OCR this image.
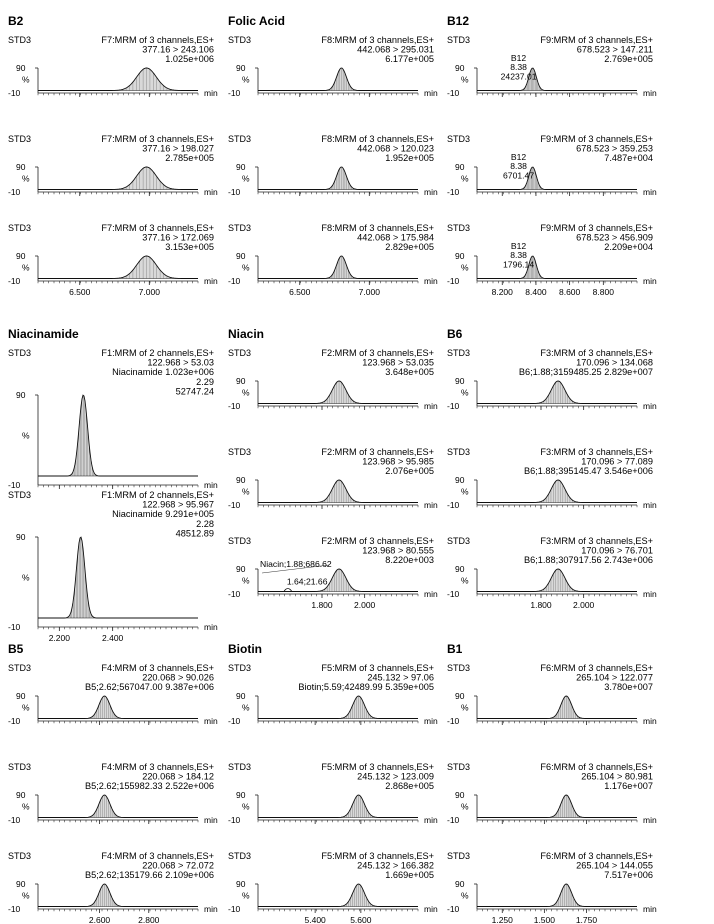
B2
STD3	F7:MRM of 3 channels,ES+
377.16 > 243.106
1.025e+006
90
%
-10	min
STD3	F7:MRM of 3 channels,ES+
377.16 > 198.027
2.785e+005
90
%
-10	min
STD3	F7:MRM of 3 channels,ES+
377.16 > 172.069
3.153e+005
90
%
-10	min
6.500	7.000
Folic Acid
STD3	F8:MRM of 3 channels,ES+
442.068 > 295.031
6.177e+005
90
%
-10	min
STD3	F8:MRM of 3 channels,ES+
442.068 > 120.023
1.952e+005
90
%
-10	min
STD3	F8:MRM of 3 channels,ES+
442.068 > 175.984
2.829e+005
90
%
-10	min
6.500	7.000
B12
STD3	F9:MRM of 3 channels,ES+
678.523 > 147.211
2.769e+005
90
%
-10	min
B12
8.38
24237.01
STD3	F9:MRM of 3 channels,ES+
678.523 > 359.253
7.487e+004
90
%
-10	min
B12
8.38
6701.47
STD3	F9:MRM of 3 channels,ES+
678.523 > 456.909
2.209e+004
90
%
-10	min
B12
8.38
1796.14
8.200 8.400 8.600 8.800
Niacinamide
STD3	F1:MRM of 2 channels,ES+
122.968 > 53.03
Niacinamide 1.023e+006
2.29
52747.24
90
%
-10	min
STD3	F1:MRM of 2 channels,ES+
122.968 > 95.967
Niacinamide 9.291e+005
2.28
48512.89
90
%
-10	min
2.200	2.400
Niacin
STD3	F2:MRM of 3 channels,ES+
123.968 > 53.035
3.648e+005
90
%
-10	min
STD3	F2:MRM of 3 channels,ES+
123.968 > 95.985
2.076e+005
90
%
-10	min
STD3	F2:MRM of 3 channels,ES+
123.968 > 80.555
8.220e+003
90
%
-10	min
1.64;21.66
Niacin;1.88;686.62
1.800	2.000
B6
STD3	F3:MRM of 3 channels,ES+
170.096 > 134.068
B6;1.88;3159485.25 2.829e+007
90
%
-10	min
STD3	F3:MRM of 3 channels,ES+
170.096 > 77.089
B6;1.88;395145.47 3.546e+006
90
%
-10	min
STD3	F3:MRM of 3 channels,ES+
170.096 > 76.701
B6;1.88;307917.56 2.743e+006
90
%
-10	min
1.800	2.000
B5
STD3	F4:MRM of 3 channels,ES+
220.068 > 90.026
B5;2.62;567047.00 9.387e+006
90
%
-10	min
STD3	F4:MRM of 3 channels,ES+
220.068 > 184.12
B5;2.62;155982.33 2.522e+006
90
%
-10	min
STD3	F4:MRM of 3 channels,ES+
220.068 > 72.072
B5;2.62;135179.66 2.109e+006
90
%
-10	min
2.600	2.800
Biotin
STD3	F5:MRM of 3 channels,ES+
245.132 > 97.06
Biotin;5.59;42489.99 5.359e+005
90
%
-10	min
STD3	F5:MRM of 3 channels,ES+
245.132 > 123.009
2.868e+005
90
%
-10	min
STD3	F5:MRM of 3 channels,ES+
245.132 > 166.382
1.669e+005
90
%
-10	min
5.400	5.600
B1
STD3	F6:MRM of 3 channels,ES+
265.104 > 122.077
3.780e+007
90
%
-10	min
STD3	F6:MRM of 3 channels,ES+
265.104 > 80.981
1.176e+007
90
%
-10	min
STD3	F6:MRM of 3 channels,ES+
265.104 > 144.055
7.517e+006
90
%
-10	min
1.250 1.500 1.750
